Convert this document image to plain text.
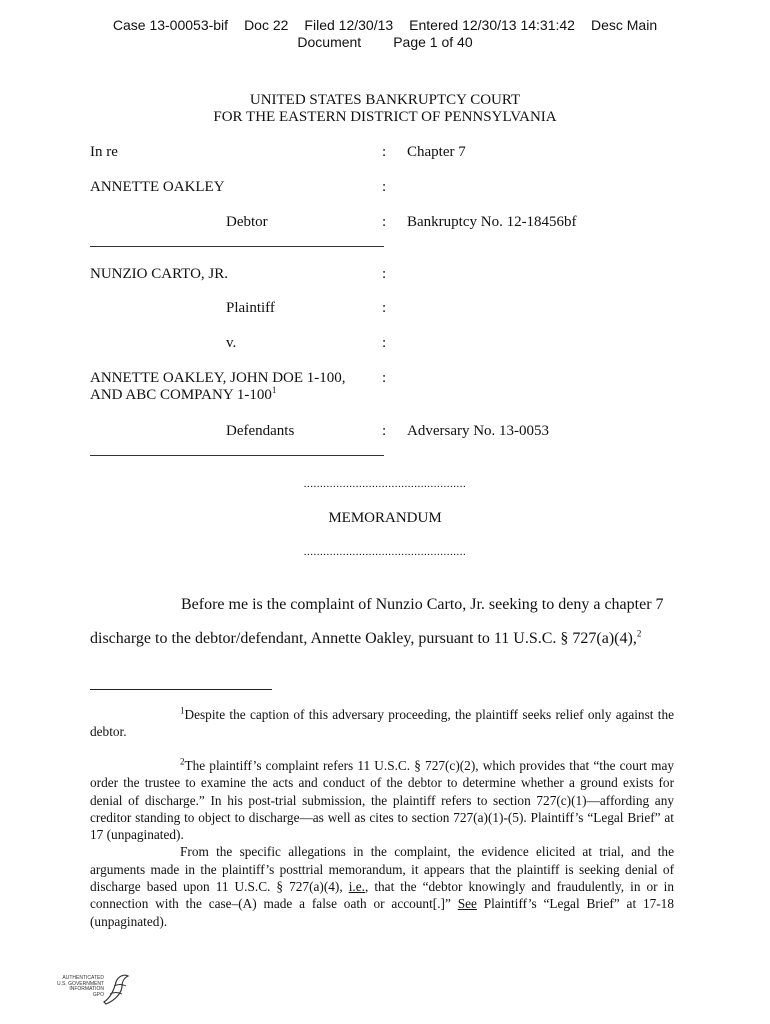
Case 13-00053-bif Doc 22 Filed 12/30/13 Entered 12/30/13 14:31:42 Desc Main
Document Page 1 of 40
UNITED STATES BANKRUPTCY COURT
FOR THE EASTERN DISTRICT OF PENNSYLVANIA
In re	: Chapter 7
ANNETTE OAKLEY	:
Debtor	: Bankruptcy No. 12-18456bf
NUNZIO CARTO, JR.	:
Plaintiff	:
v.	:
ANNETTE OAKLEY, JOHN DOE 1-100, :
AND ABC COMPANY $1-100^1$
Defendants	: Adversary No. 13-0053
..................................................
MEMORANDUM
..................................................
Before me is the complaint of Nunzio Carto, Jr. seeking to deny a chapter 7
discharge to the debtor/defendant, Annette Oakley, pursuant to 11 U.S.C. § 727(a)(4),$^2$

$^1$Despite the caption of this adversary proceeding, the plaintiff seeks relief only against the debtor.

$^2$The plaintiff’s complaint refers 11 U.S.C. § 727(c)(2), which provides that “the court may order the trustee to examine the acts and conduct of the debtor to determine whether a ground exists for denial of discharge.” In his post-trial submission, the plaintiff refers to section 727(c)(1)—affording any creditor standing to object to discharge—as well as cites to section 727(a)(1)-(5). Plaintiff’s “Legal Brief” at 17 (unpaginated).

From the specific allegations in the complaint, the evidence elicited at trial, and the arguments made in the plaintiff’s posttrial memorandum, it appears that the plaintiff is seeking denial of discharge based upon 11 U.S.C. § 727(a)(4), i.e., that the “debtor knowingly and fraudulently, in or in connection with the case–(A) made a false oath or account[.]” See Plaintiff’s “Legal Brief” at 17-18 (unpaginated).

AUTHENTICATED
U.S. GOVERNMENT
INFORMATION
GPO
